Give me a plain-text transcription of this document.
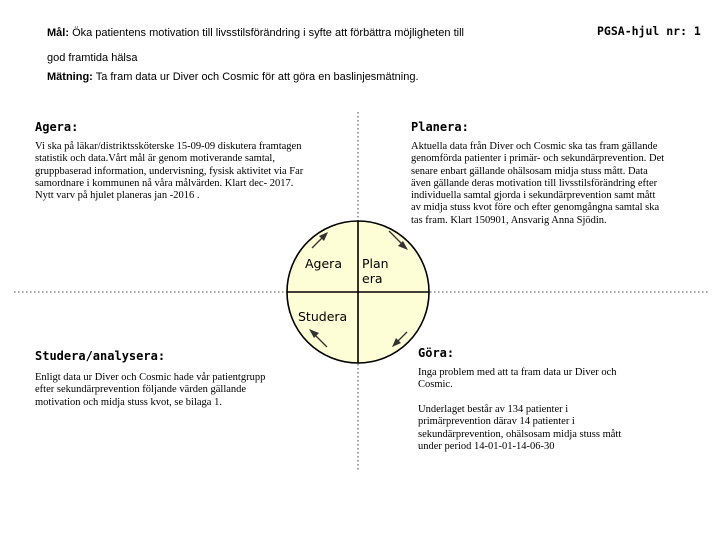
Mål: Öka patientens motivation till livsstilsförändring i syfte att förbättra möjligheten till
god framtida hälsa
Mätning: Ta fram data ur Diver och Cosmic för att göra en baslinjesmätning.
PGSA-hjul nr: 1
Agera:
Vi ska på läkar/distriktssköterske 15-09-09 diskutera framtagen
statistik och data.Vårt mål är genom motiverande samtal,
gruppbaserad information, undervisning, fysisk aktivitet via Far
samordnare i kommunen nå våra målvärden. Klart dec- 2017.
Nytt varv på hjulet planeras jan -2016 .
Planera:
Aktuella data från Diver och Cosmic ska tas fram gällande
genomförda patienter i primär- och sekundärprevention. Det
senare enbart gällande ohälsosam midja stuss mått. Data
även gällande deras motivation till livsstilsförändring efter
individuella samtal gjorda i sekundärprevention samt mått
av midja stuss kvot före och efter genomgångna samtal ska
tas fram. Klart 150901, Ansvarig Anna Sjödin.
Studera/analysera:
Enligt data ur Diver och Cosmic hade vår patientgrupp
efter sekundärprevention följande värden gällande
motivation och midja stuss kvot, se bilaga 1.
Göra:
Inga problem med att ta fram data ur Diver och
Cosmic.
Underlaget består av 134 patienter i
primärprevention därav 14 patienter i
sekundärprevention, ohälsosam midja stuss mått
under period 14-01-01-14-06-30
Agera Plan
era
Studera
